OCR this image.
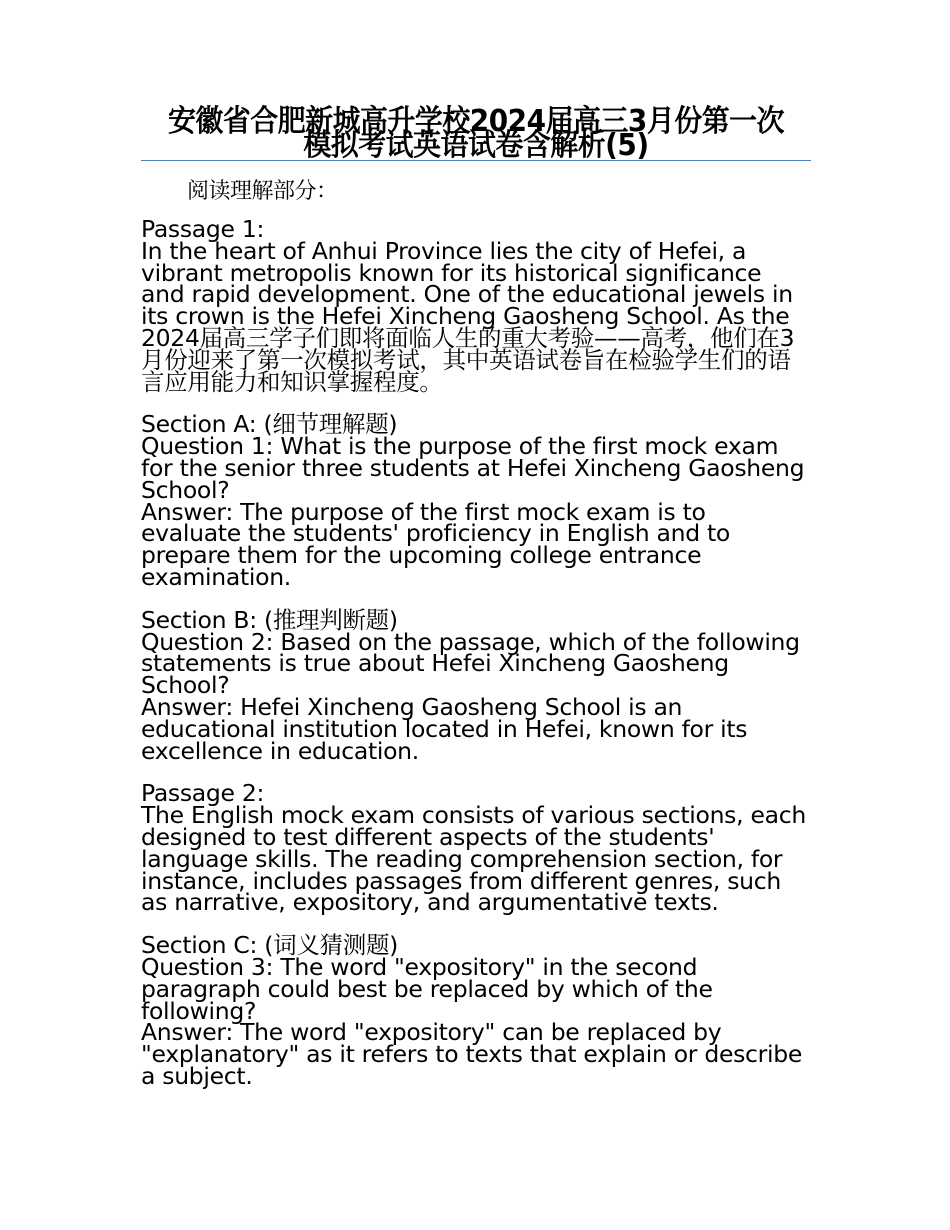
安徽省合肥新城高升学校2024届高三3月份第一次模拟考试英语试卷含解析(5)

阅读理解部分：

Passage 1:

In the heart of Anhui Province lies the city of Hefei, a vibrant metropolis known for its historical significance and rapid development. One of the educational jewels in its crown is the Hefei Xincheng Gaosheng School. As the 2024届高三学子们即将面临人生的重大考验——高考，他们在3月份迎来了第一次模拟考试，其中英语试卷旨在检验学生们的语言应用能力和知识掌握程度。

Section A: (细节理解题)

Question 1: What is the purpose of the first mock exam for the senior three students at Hefei Xincheng Gaosheng School?

Answer: The purpose of the first mock exam is to evaluate the students' proficiency in English and to prepare them for the upcoming college entrance examination.

Section B: (推理判断题)

Question 2: Based on the passage, which of the following statements is true about Hefei Xincheng Gaosheng School?

Answer: Hefei Xincheng Gaosheng School is an educational institution located in Hefei, known for its excellence in education.

Passage 2:

The English mock exam consists of various sections, each designed to test different aspects of the students' language skills. The reading comprehension section, for instance, includes passages from different genres, such as narrative, expository, and argumentative texts.

Section C: (词义猜测题)

Question 3: The word "expository" in the second paragraph could best be replaced by which of the following?

Answer: The word "expository" can be replaced by "explanatory" as it refers to texts that explain or describe a subject.
